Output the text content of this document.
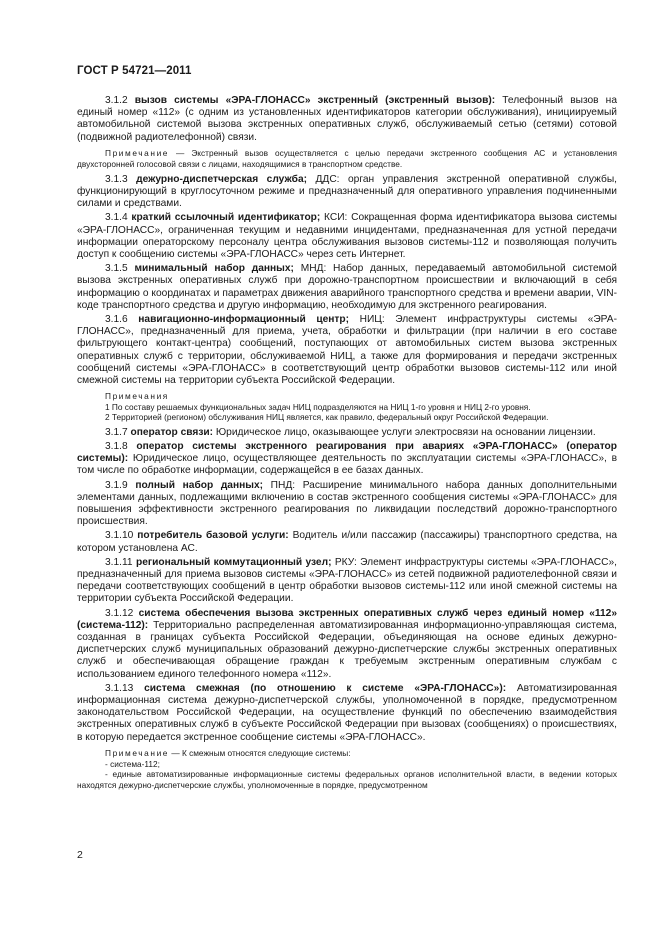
ГОСТ Р 54721—2011

3.1.2 вызов системы «ЭРА-ГЛОНАСС» экстренный (экстренный вызов): Телефонный вызов на единый номер «112» (с одним из установленных идентификаторов категории обслуживания), инициируемый автомобильной системой вызова экстренных оперативных служб, обслуживаемый сетью (сетями) сотовой (подвижной радиотелефонной) связи.

Примечание — Экстренный вызов осуществляется с целью передачи экстренного сообщения АС и установления двухсторонней голосовой связи с лицами, находящимися в транспортном средстве.

3.1.3 дежурно-диспетчерская служба; ДДС: орган управления экстренной оперативной службы, функционирующий в круглосуточном режиме и предназначенный для оперативного управления подчиненными силами и средствами.

3.1.4 краткий ссылочный идентификатор; КСИ: Сокращенная форма идентификатора вызова системы «ЭРА-ГЛОНАСС», ограниченная текущим и недавними инцидентами, предназначенная для устной передачи информации операторскому персоналу центра обслуживания вызовов системы-112 и позволяющая получить доступ к сообщению системы «ЭРА-ГЛОНАСС» через сеть Интернет.

3.1.5 минимальный набор данных; МНД: Набор данных, передаваемый автомобильной системой вызова экстренных оперативных служб при дорожно-транспортном происшествии и включающий в себя информацию о координатах и параметрах движения аварийного транспортного средства и времени аварии, VIN-коде транспортного средства и другую информацию, необходимую для экстренного реагирования.

3.1.6 навигационно-информационный центр; НИЦ: Элемент инфраструктуры системы «ЭРА-ГЛОНАСС», предназначенный для приема, учета, обработки и фильтрации (при наличии в его составе фильтрующего контакт-центра) сообщений, поступающих от автомобильных систем вызова экстренных оперативных служб с территории, обслуживаемой НИЦ, а также для формирования и передачи экстренных сообщений системы «ЭРА-ГЛОНАСС» в соответствующий центр обработки вызовов системы-112 или иной смежной системы на территории субъекта Российской Федерации.

Примечания

1 По составу решаемых функциональных задач НИЦ подразделяются на НИЦ 1-го уровня и НИЦ 2-го уровня.

2 Территорией (регионом) обслуживания НИЦ является, как правило, федеральный округ Российской Федерации.

3.1.7 оператор связи: Юридическое лицо, оказывающее услуги электросвязи на основании лицензии.

3.1.8 оператор системы экстренного реагирования при авариях «ЭРА-ГЛОНАСС» (оператор системы): Юридическое лицо, осуществляющее деятельность по эксплуатации системы «ЭРА-ГЛОНАСС», в том числе по обработке информации, содержащейся в ее базах данных.

3.1.9 полный набор данных; ПНД: Расширение минимального набора данных дополнительными элементами данных, подлежащими включению в состав экстренного сообщения системы «ЭРА-ГЛОНАСС» для повышения эффективности экстренного реагирования по ликвидации последствий дорожно-транспортного происшествия.

3.1.10 потребитель базовой услуги: Водитель и/или пассажир (пассажиры) транспортного средства, на котором установлена АС.

3.1.11 региональный коммутационный узел; РКУ: Элемент инфраструктуры системы «ЭРА-ГЛОНАСС», предназначенный для приема вызовов системы «ЭРА-ГЛОНАСС» из сетей подвижной радиотелефонной связи и передачи соответствующих сообщений в центр обработки вызовов системы-112 или иной смежной системы на территории субъекта Российской Федерации.

3.1.12 система обеспечения вызова экстренных оперативных служб через единый номер «112» (система-112): Территориально распределенная автоматизированная информационно-управляющая система, созданная в границах субъекта Российской Федерации, объединяющая на основе единых дежурно-диспетчерских служб муниципальных образований дежурно-диспетчерские службы экстренных оперативных служб и обеспечивающая обращение граждан к требуемым экстренным оперативным службам с использованием единого телефонного номера «112».

3.1.13 система смежная (по отношению к системе «ЭРА-ГЛОНАСС»): Автоматизированная информационная система дежурно-диспетчерской службы, уполномоченной в порядке, предусмотренном законодательством Российской Федерации, на осуществление функций по обеспечению взаимодействия экстренных оперативных служб в субъекте Российской Федерации при вызовах (сообщениях) о происшествиях, в которую передается экстренное сообщение системы «ЭРА-ГЛОНАСС».

Примечание — К смежным относятся следующие системы:

- система-112;

- единые автоматизированные информационные системы федеральных органов исполнительной власти, в ведении которых находятся дежурно-диспетчерские службы, уполномоченные в порядке, предусмотренном

2
